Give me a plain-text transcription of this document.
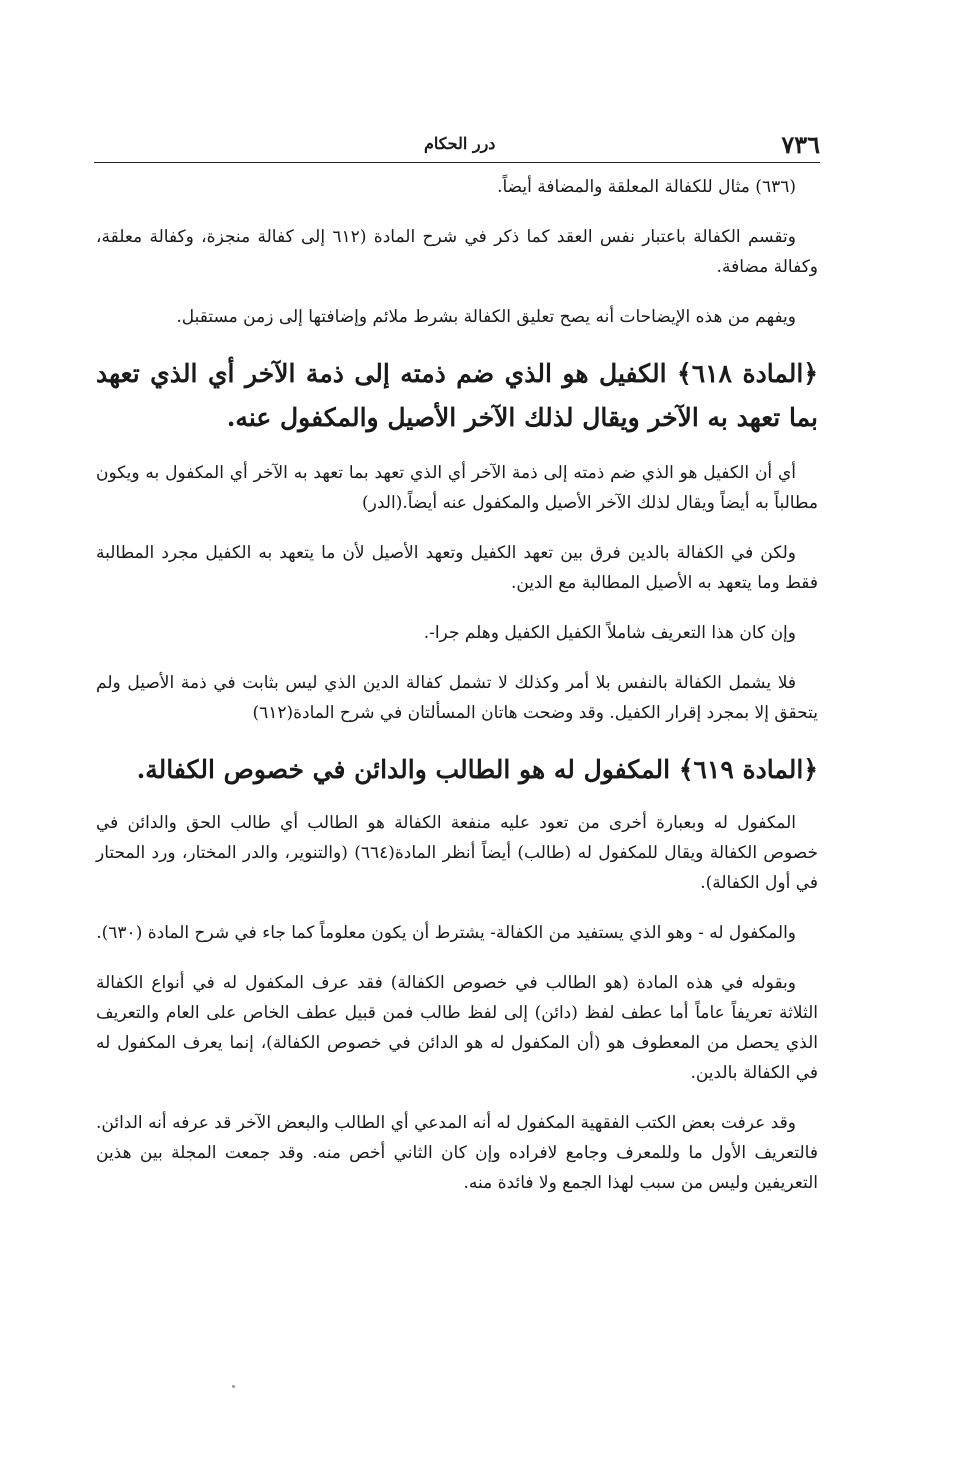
٧٣٦
درر الحكام

(٦٣٦) مثال للكفالة المعلقة والمضافة أيضاً.

وتقسم الكفالة باعتبار نفس العقد كما ذكر في شرح المادة (٦١٢ إلى كفالة منجزة، وكفالة معلقة، وكفالة مضافة.

ويفهم من هذه الإيضاحات أنه يصح تعليق الكفالة بشرط ملائم وإضافتها إلى زمن مستقبل.

﴿المادة ٦١٨﴾ الكفيل هو الذي ضم ذمته إلى ذمة الآخر أي الذي تعهد بما تعهد به الآخر ويقال لذلك الآخر الأصيل والمكفول عنه.

أي أن الكفيل هو الذي ضم ذمته إلى ذمة الآخر أي الذي تعهد بما تعهد به الآخر أي المكفول به ويكون مطالباً به أيضاً ويقال لذلك الآخر الأصيل والمكفول عنه أيضاً.(الدر)

ولكن في الكفالة بالدين فرق بين تعهد الكفيل وتعهد الأصيل لأن ما يتعهد به الكفيل مجرد المطالبة فقط وما يتعهد به الأصيل المطالبة مع الدين.

وإن كان هذا التعريف شاملاً الكفيل الكفيل وهلم جرا-.

فلا يشمل الكفالة بالنفس بلا أمر وكذلك لا تشمل كفالة الدين الذي ليس بثابت في ذمة الأصيل ولم يتحقق إلا بمجرد إقرار الكفيل. وقد وضحت هاتان المسألتان في شرح المادة(٦١٢)

﴿المادة ٦١٩﴾ المكفول له هو الطالب والدائن في خصوص الكفالة.

المكفول له وبعبارة أخرى من تعود عليه منفعة الكفالة هو الطالب أي طالب الحق والدائن في خصوص الكفالة ويقال للمكفول له (طالب) أيضاً أنظر المادة(٦٦٤) (والتنوير، والدر المختار، ورد المحتار في أول الكفالة).

والمكفول له - وهو الذي يستفيد من الكفالة- يشترط أن يكون معلوماً كما جاء في شرح المادة (٦٣٠).

وبقوله في هذه المادة (هو الطالب في خصوص الكفالة) فقد عرف المكفول له في أنواع الكفالة الثلاثة تعريفاً عاماً أما عطف لفظ (دائن) إلى لفظ طالب فمن قبيل عطف الخاص على العام والتعريف الذي يحصل من المعطوف هو (أن المكفول له هو الدائن في خصوص الكفالة)، إنما يعرف المكفول له في الكفالة بالدين.

وقد عرفت بعض الكتب الفقهية المكفول له أنه المدعي أي الطالب والبعض الآخر قد عرفه أنه الدائن. فالتعريف الأول ما وللمعرف وجامع لافراده وإن كان الثاني أخص منه. وقد جمعت المجلة بين هذين التعريفين وليس من سبب لهذا الجمع ولا فائدة منه.
